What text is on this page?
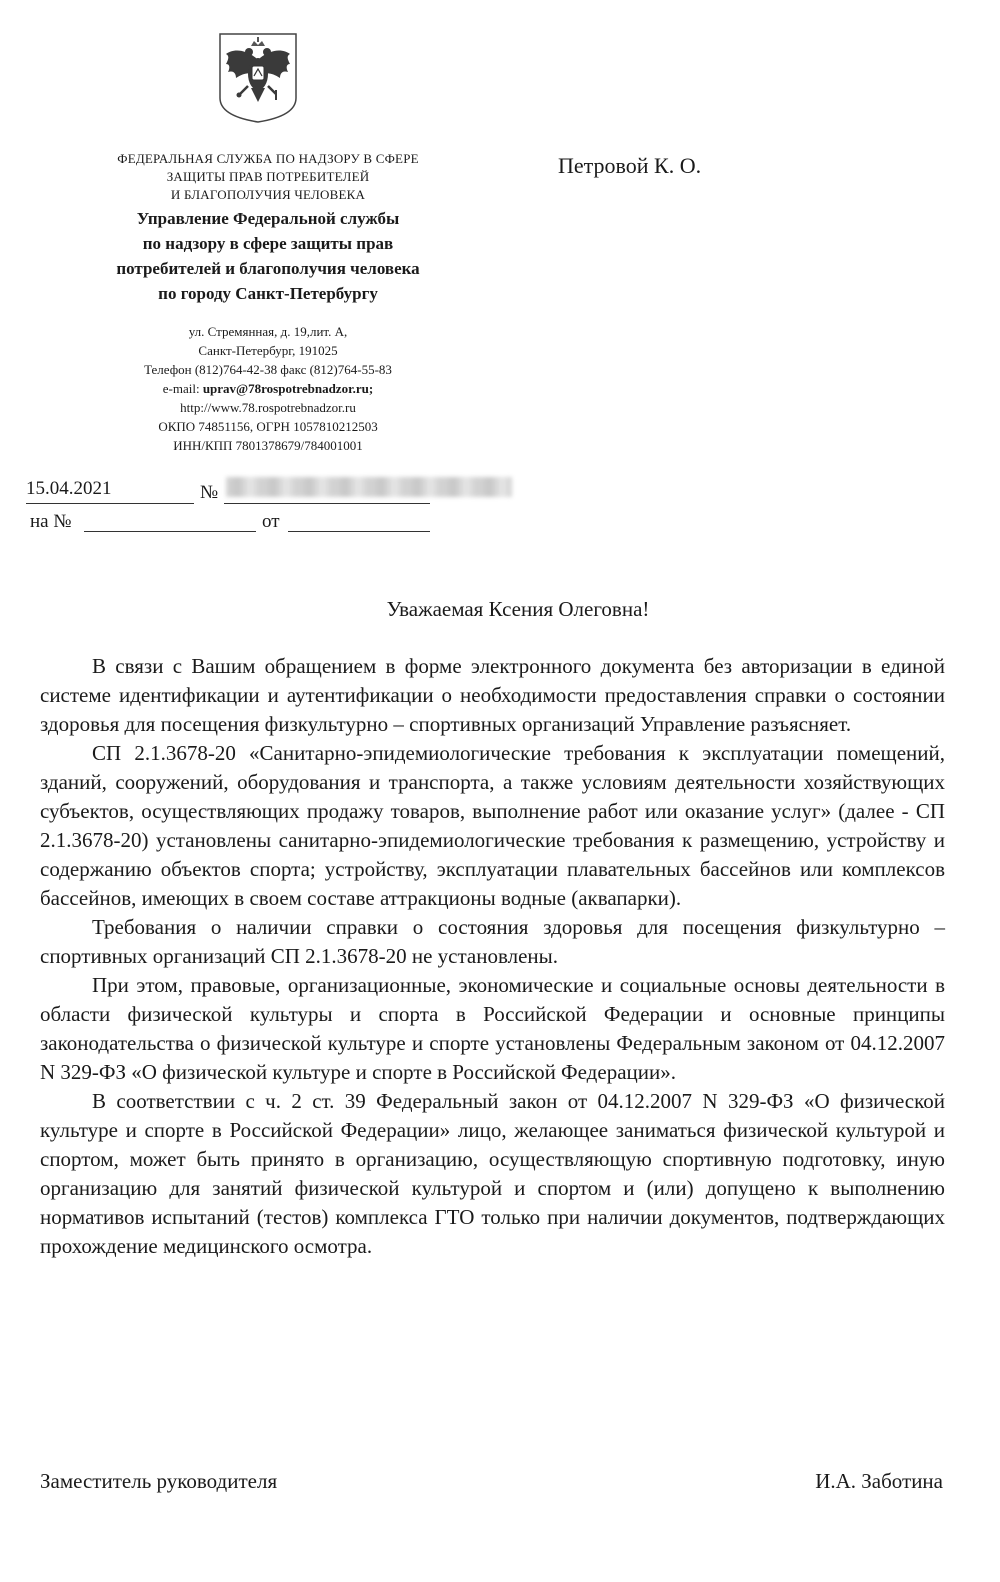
ФЕДЕРАЛЬНАЯ СЛУЖБА ПО НАДЗОРУ В СФЕРЕ
ЗАЩИТЫ ПРАВ ПОТРЕБИТЕЛЕЙ
И БЛАГОПОЛУЧИЯ ЧЕЛОВЕКА
Управление Федеральной службы
по надзору в сфере защиты прав
потребителей и благополучия человека
по городу Санкт-Петербургу
ул. Стремянная, д. 19,лит. А,
Санкт-Петербург, 191025
Телефон (812)764-42-38 факс (812)764-55-83
e-mail: uprav@78rospotrebnadzor.ru;
http://www.78.rospotrebnadzor.ru
ОКПО 74851156, ОГРН 1057810212503
ИНН/КПП 7801378679/784001001
Петровой К. О.
15.04.2021	№
на №	от
Уважаемая Ксения Олеговна!

В связи с Вашим обращением в форме электронного документа без авторизации в единой системе идентификации и аутентификации о необходимости предоставления справки о состоянии здоровья для посещения физкультурно – спортивных организаций Управление разъясняет.

СП 2.1.3678-20 «Санитарно-эпидемиологические требования к эксплуатации помещений, зданий, сооружений, оборудования и транспорта, а также условиям деятельности хозяйствующих субъектов, осуществляющих продажу товаров, выполнение работ или оказание услуг» (далее - СП 2.1.3678-20) установлены санитарно-эпидемиологические требования к размещению, устройству и содержанию объектов спорта; устройству, эксплуатации плавательных бассейнов или комплексов бассейнов, имеющих в своем составе аттракционы водные (аквапарки).

Требования о наличии справки о состояния здоровья для посещения физкультурно – спортивных организаций СП 2.1.3678-20 не установлены.

При этом, правовые, организационные, экономические и социальные основы деятельности в области физической культуры и спорта в Российской Федерации и основные принципы законодательства о физической культуре и спорте установлены Федеральным законом от 04.12.2007 N 329-ФЗ «О физической культуре и спорте в Российской Федерации».

В соответствии с ч. 2 ст. 39 Федеральный закон от 04.12.2007 N 329-ФЗ «О физической культуре и спорте в Российской Федерации» лицо, желающее заниматься физической культурой и спортом, может быть принято в организацию, осуществляющую спортивную подготовку, иную организацию для занятий физической культурой и спортом и (или) допущено к выполнению нормативов испытаний (тестов) комплекса ГТО только при наличии документов, подтверждающих прохождение медицинского осмотра.

Заместитель руководителя	И.А. Заботина
